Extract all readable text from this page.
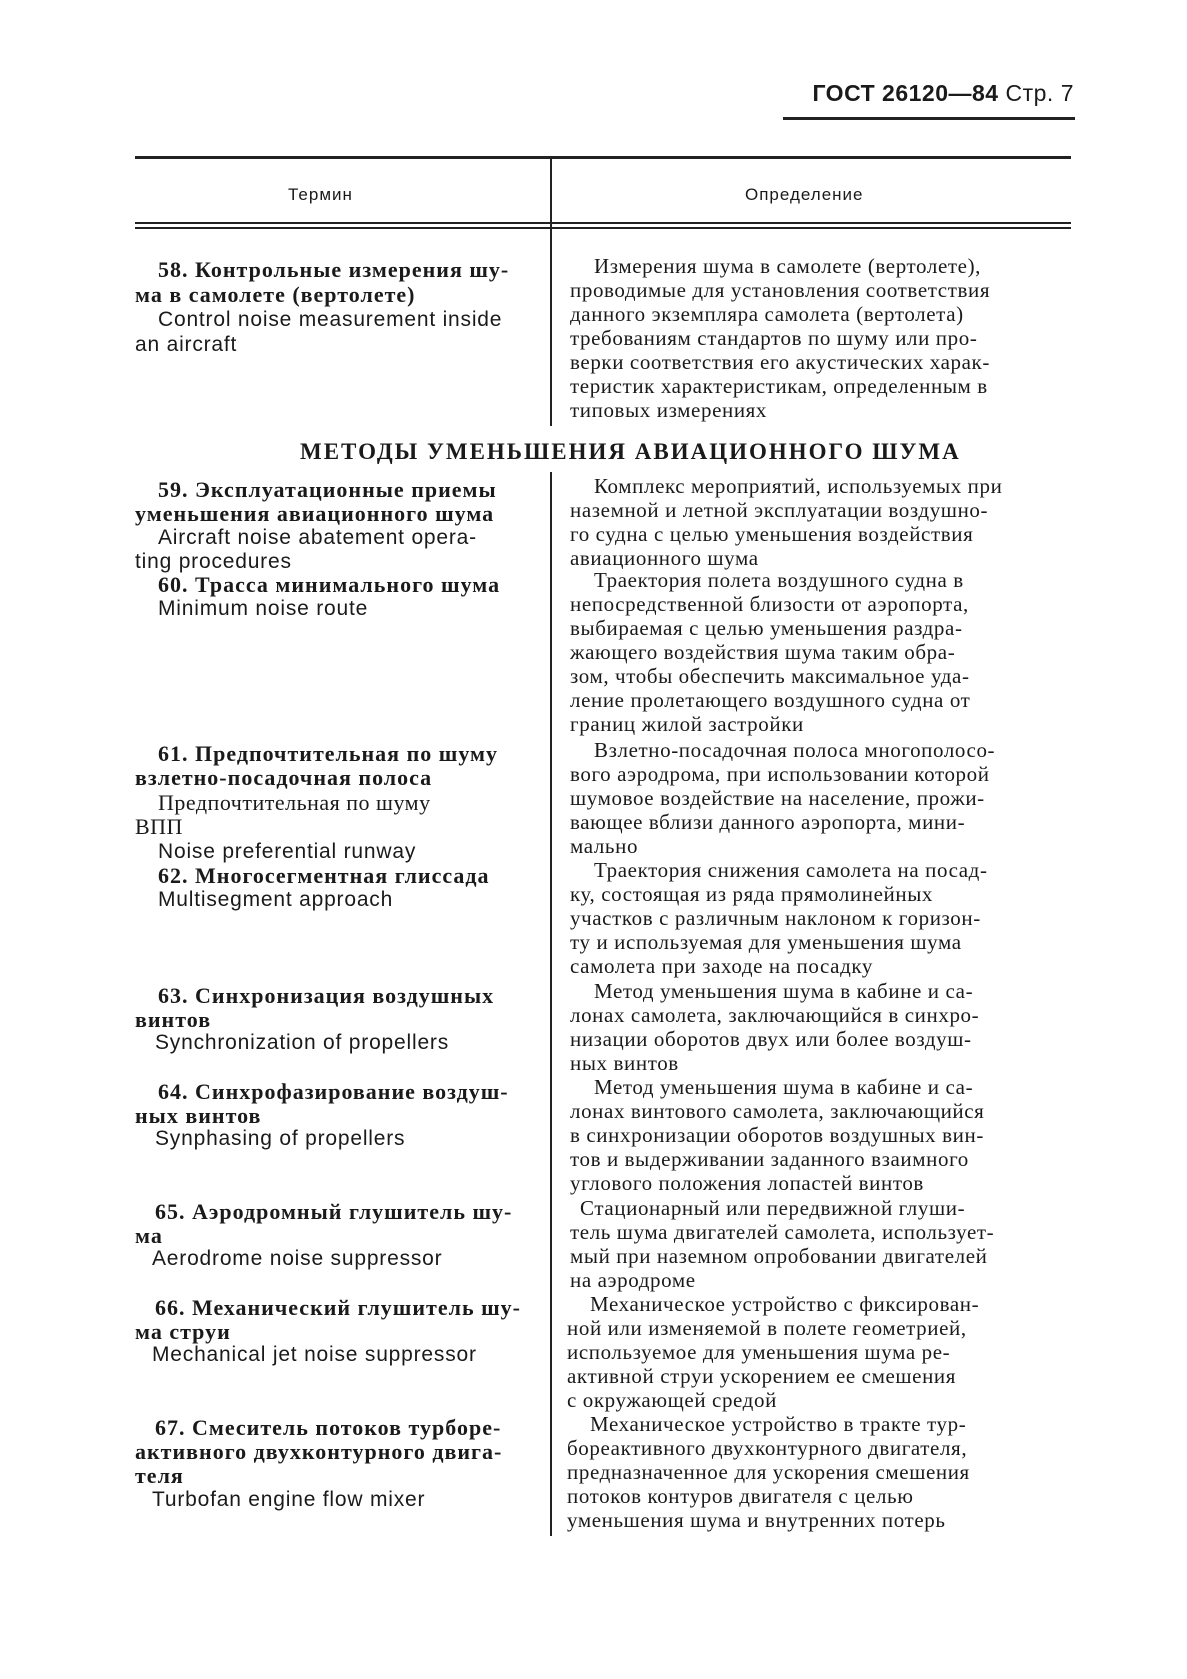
ГОСТ 26120—84 Стр. 7
Термин	Определение
МЕТОДЫ УМЕНЬШЕНИЯ АВИАЦИОННОГО ШУМА
58. Контрольные измерения шу-
ма в самолете (вертолете)
Control noise measurement inside
an aircraft
Измерения шума в самолете (вертолете),
проводимые для установления соответствия
данного экземпляра самолета (вертолета)
требованиям стандартов по шуму или про-
верки соответствия его акустических харак-
теристик характеристикам, определенным в
типовых измерениях
59. Эксплуатационные приемы
уменьшения авиационного шума
Aircraft noise abatement opera-
ting procedures
Комплекс мероприятий, используемых при
наземной и летной эксплуатации воздушно-
го судна с целью уменьшения воздействия
авиационного шума
60. Трасса минимального шума
Minimum noise route
Траектория полета воздушного судна в
непосредственной близости от аэропорта,
выбираемая с целью уменьшения раздра-
жающего воздействия шума таким обра-
зом, чтобы обеспечить максимальное уда-
ление пролетающего воздушного судна от
границ жилой застройки
61. Предпочтительная по шуму
взлетно-посадочная полоса
Предпочтительная по шуму
ВПП
Noise preferential runway
Взлетно-посадочная полоса многополосо-
вого аэродрома, при использовании которой
шумовое воздействие на население, прожи-
вающее вблизи данного аэропорта, мини-
мально
62. Многосегментная глиссада
Multisegment approach
Траектория снижения самолета на посад-
ку, состоящая из ряда прямолинейных
участков с различным наклоном к горизон-
ту и используемая для уменьшения шума
самолета при заходе на посадку
63. Синхронизация воздушных
винтов
Synchronization of propellers
Метод уменьшения шума в кабине и са-
лонах самолета, заключающийся в синхро-
низации оборотов двух или более воздуш-
ных винтов
64. Синхрофазирование воздуш-
ных винтов
Synphasing of propellers
Метод уменьшения шума в кабине и са-
лонах винтового самолета, заключающийся
в синхронизации оборотов воздушных вин-
тов и выдерживании заданного взаимного
углового положения лопастей винтов
65. Аэродромный глушитель шу-
ма
Aerodrome noise suppressor
Стационарный или передвижной глуши-
тель шума двигателей самолета, использует-
мый при наземном опробовании двигателей
на аэродроме
66. Механический глушитель шу-
ма струи
Mechanical jet noise suppressor
Механическое устройство с фиксирован-
ной или изменяемой в полете геометрией,
используемое для уменьшения шума ре-
активной струи ускорением ее смешения
с окружающей средой
67. Смеситель потоков турборе-
активного двухконтурного двига-
теля
Turbofan engine flow mixer
Механическое устройство в тракте тур-
бореактивного двухконтурного двигателя,
предназначенное для ускорения смешения
потоков контуров двигателя с целью
уменьшения шума и внутренних потерь
